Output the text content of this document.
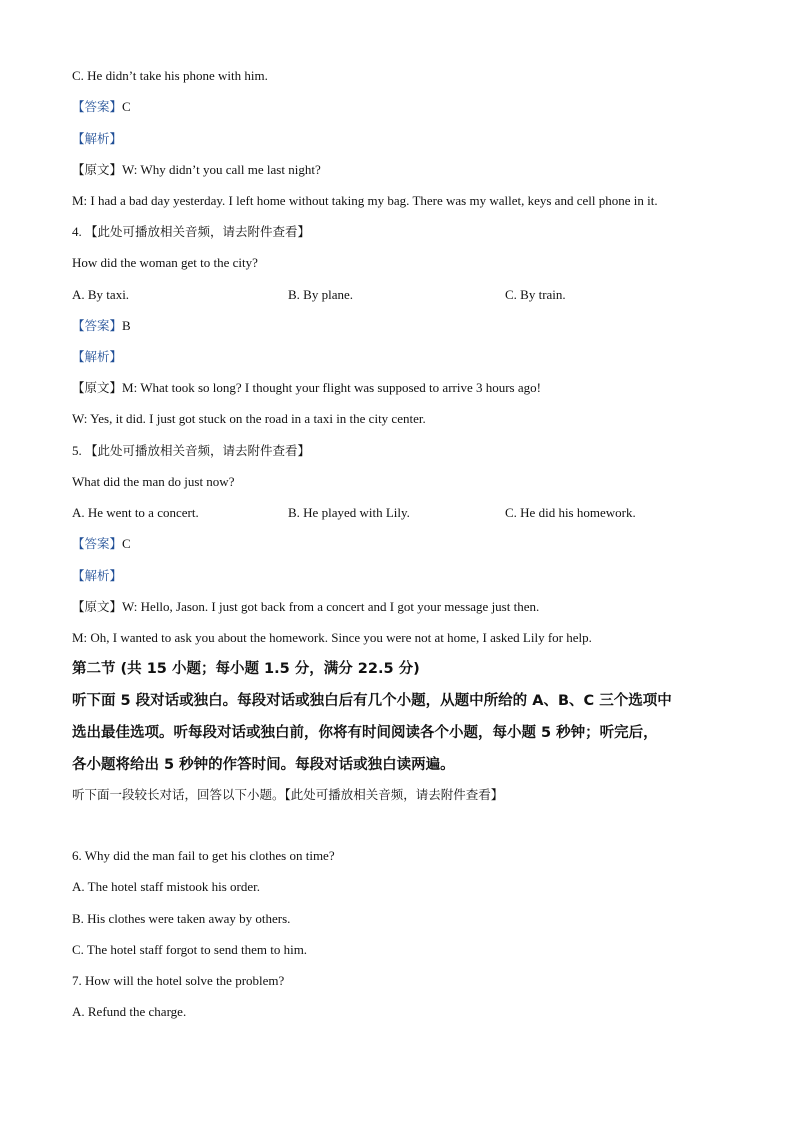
C. He didn’t take his phone with him.
【答案】C
【解析】
【原文】W: Why didn’t you call me last night?
M: I had a bad day yesterday. I left home without taking my bag. There was my wallet, keys and cell phone in it.
4. 【此处可播放相关音频，请去附件查看】
How did the woman get to the city?
A. By taxi.	B. By plane.	C. By train.
【答案】B
【解析】
【原文】M: What took so long? I thought your flight was supposed to arrive 3 hours ago!
W: Yes, it did. I just got stuck on the road in a taxi in the city center.
5. 【此处可播放相关音频，请去附件查看】
What did the man do just now?
A. He went to a concert.	B. He played with Lily.	C. He did his homework.
【答案】C
【解析】
【原文】W: Hello, Jason. I just got back from a concert and I got your message just then.
M: Oh, I wanted to ask you about the homework. Since you were not at home, I asked Lily for help.
第二节 (共 15 小题；每小题 1.5 分，满分 22.5 分)
听下面 5 段对话或独白。每段对话或独白后有几个小题，从题中所给的 A、B、C 三个选项中
选出最佳选项。听每段对话或独白前，你将有时间阅读各个小题，每小题 5 秒钟；听完后，
各小题将给出 5 秒钟的作答时间。每段对话或独白读两遍。
听下面一段较长对话，回答以下小题。【此处可播放相关音频，请去附件查看】
6. Why did the man fail to get his clothes on time?
A. The hotel staff mistook his order.
B. His clothes were taken away by others.
C. The hotel staff forgot to send them to him.
7. How will the hotel solve the problem?
A. Refund the charge.
